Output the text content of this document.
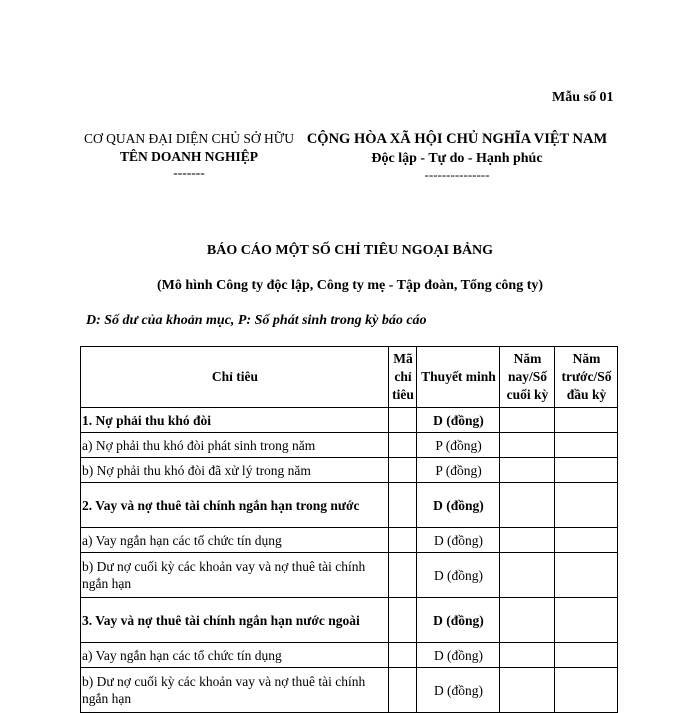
Mẫu số 01
CƠ QUAN ĐẠI DIỆN CHỦ SỞ HỮU
TÊN DOANH NGHIỆP
-------
CỘNG HÒA XÃ HỘI CHỦ NGHĨA VIỆT NAM
Độc lập - Tự do - Hạnh phúc
---------------
BÁO CÁO MỘT SỐ CHỈ TIÊU NGOẠI BẢNG
(Mô hình Công ty độc lập, Công ty mẹ - Tập đoàn, Tổng công ty)
D: Số dư của khoản mục, P: Số phát sinh trong kỳ báo cáo
Chỉ tiêu	Mã chỉ tiêu	Thuyết minh	Năm nay/Số cuối kỳ	Năm trước/Số đầu kỳ
1. Nợ phải thu khó đòi		D (đồng)		
a) Nợ phải thu khó đòi phát sinh trong năm		P (đồng)		
b) Nợ phải thu khó đòi đã xử lý trong năm		P (đồng)		
2. Vay và nợ thuê tài chính ngắn hạn trong nước		D (đồng)		
a) Vay ngắn hạn các tổ chức tín dụng		D (đồng)		
b) Dư nợ cuối kỳ các khoản vay và nợ thuê tài chính ngắn hạn		D (đồng)		
3. Vay và nợ thuê tài chính ngắn hạn nước ngoài		D (đồng)		
a) Vay ngắn hạn các tổ chức tín dụng		D (đồng)		
b) Dư nợ cuối kỳ các khoản vay và nợ thuê tài chính ngắn hạn		D (đồng)		
